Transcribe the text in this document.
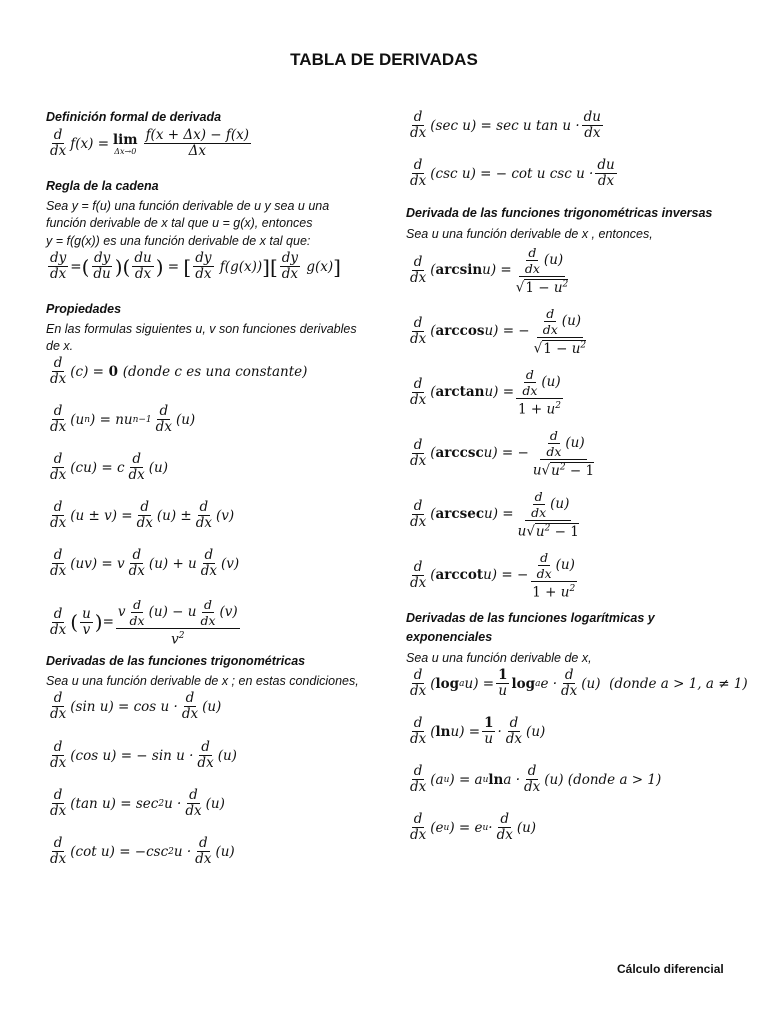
TABLA DE DERIVADAS
Definición formal de derivada
d
dx f(x) = lim
Δx→0
f(x + Δx) − f(x)
Δx
Regla de la cadena
Sea y = f(u) una función derivable de u y sea u una
función derivable de x tal que u = g(x), entonces
y = f(g(x)) es una función derivable de x tal que:
dy
dx = ( dy
du )( du
dx ) = [ dy
dx f(g(x)) ][ dy
dx g(x) ]
Propiedades
En las formulas siguientes u, v son funciones derivables
de x.
d
dx (c) = 0 (donde c es una constante)
d
dx (u n ) = nu n−1
d
dx (u)
d
dx (cu) = c
d
dx (u)
d
dx (u ± v) =
d
dx (u) ±
d
dx (v)
d
dx (uv) = v
d
dx (u) + u
d
dx (v)
d
dx ( u
v ) =
v $\frac{d}{dx} (u) - u \frac{d}{dx} (v)$
$v^2$
Derivadas de las funciones trigonométricas
Sea u una función derivable de x ; en estas condiciones,
d
dx (sin u) = cos u ·
d
dx (u)
d
dx (cos u) = − sin u ·
d
dx (u)
d
dx (tan u) = sec 2 u ·
d
dx (u)
d
dx (cot u) = −csc 2 u ·
d
dx (u)
d
dx (sec u) = sec u tan u ·
du
dx
d
dx (csc u) = − cot u csc u ·
du
dx
Derivada de las funciones trigonométricas inversas
Sea u una función derivable de x , entonces,
d
dx ( $\arcsin u) = \frac{d}{dx} (u)$
$√1 - u^2$
d
dx ( arccos u) = − $\frac{d}{dx} (u)$
$√1 - u^2$
d
dx ( $\arctan u) = \frac{d}{dx} (u)$
$1 + u^2$
d
dx ( arccsc u) = − $\frac{d}{dx} (u)$
$u√u^2 - 1$
d
dx ( arcsec $u) = \frac{d}{dx} (u)$
$u√u^2 - 1$
d
dx ( arccot u) = − $\frac{d}{dx} (u)$
$1 + u^2$
Derivadas de las funciones logarítmicas y
exponenciales
Sea u una función derivable de x,
d
dx ( log a u) =
1
u log a e ·
d
dx (u) (donde a > 1, a ≠ 1)
d
dx ( ln u) =
1
u ·
d
dx (u)
d
dx (a u ) = a u ln a ·
d
dx (u) (donde a > 1)
d
dx (e u ) = e u ·
d
dx (u)
Cálculo diferencial
